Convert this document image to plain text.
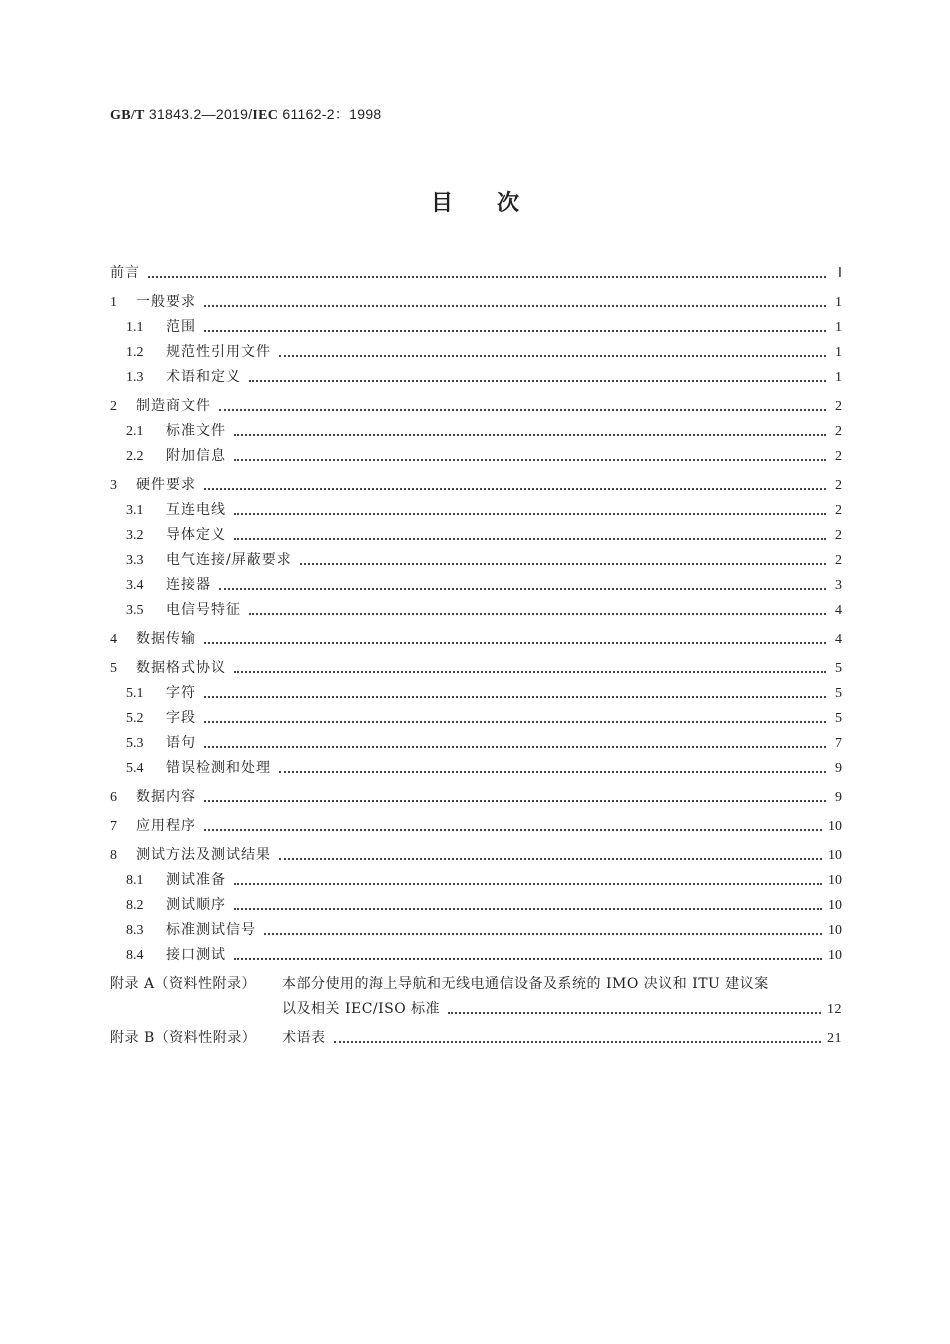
GB/T 31843.2—2019/IEC 61162-2：1998
目 次
前言	Ⅰ
1	一般要求	1
1.1	范围	1
1.2	规范性引用文件	1
1.3	术语和定义	1
2	制造商文件	2
2.1	标准文件	2
2.2	附加信息	2
3	硬件要求	2
3.1	互连电线	2
3.2	导体定义	2
3.3	电气连接/屏蔽要求	2
3.4	连接器	3
3.5	电信号特征	4
4	数据传输	4
5	数据格式协议	5
5.1	字符	5
5.2	字段	5
5.3	语句	7
5.4	错误检测和处理	9
6	数据内容	9
7	应用程序	10
8	测试方法及测试结果	10
8.1	测试准备	10
8.2	测试顺序	10
8.3	标准测试信号	10
8.4	接口测试	10
附录 A（资料性附录）	本部分使用的海上导航和无线电通信设备及系统的 IMO 决议和 ITU 建议案
以及相关 IEC/ISO 标准	12
附录 B（资料性附录）	术语表	21
